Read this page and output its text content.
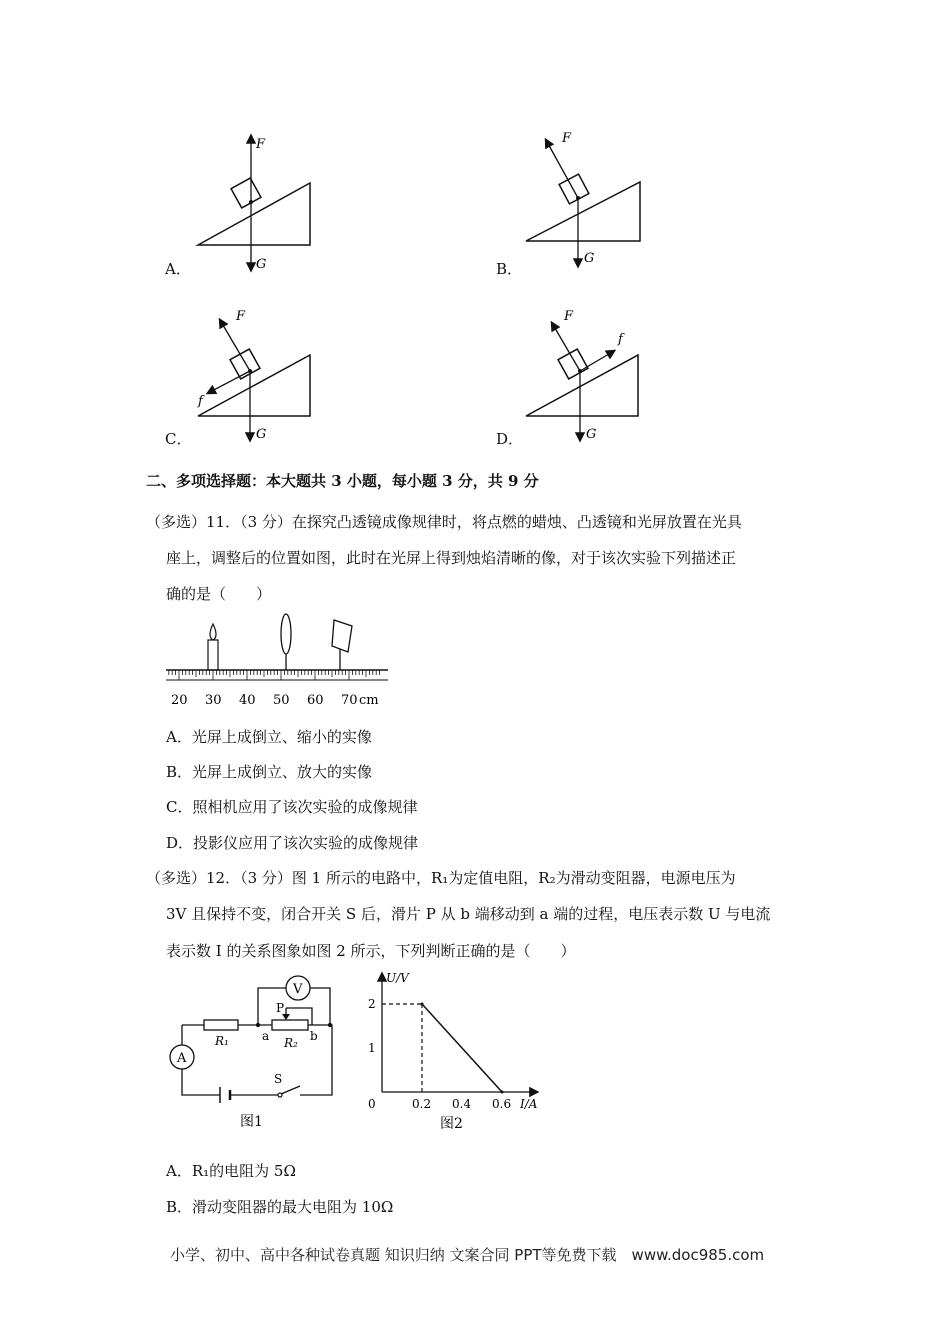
F
G
A．
F
G
B．
F
G
f
C．
F
G
f
D．
二、多项选择题：本大题共 3 小题，每小题 3 分，共 9 分
（多选）11．（3 分）在探究凸透镜成像规律时，将点燃的蜡烛、凸透镜和光屏放置在光具
座上，调整后的位置如图，此时在光屏上得到烛焰清晰的像，对于该次实验下列描述正
确的是（　　）
20 30 40 50 60 70 cm
A．光屏上成倒立、缩小的实像
B．光屏上成倒立、放大的实像
C．照相机应用了该次实验的成像规律
D．投影仪应用了该次实验的成像规律
（多选）12．（3 分）图 1 所示的电路中，R₁为定值电阻，R₂为滑动变阻器，电源电压为
3V 且保持不变，闭合开关 S 后，滑片 P 从 b 端移动到 a 端的过程，电压表示数 U 与电流
表示数 I 的关系图象如图 2 所示，下列判断正确的是（　　）
A
R₁	R₂
a	b
P
V
S
图1
1
2
0.2 0.4 0.6
U/V
I/A
0
图2
A．R₁的电阻为 5Ω
B．滑动变阻器的最大电阻为 10Ω
小学、初中、高中各种试卷真题 知识归纳 文案合同 PPT等免费下载　www.doc985.com
